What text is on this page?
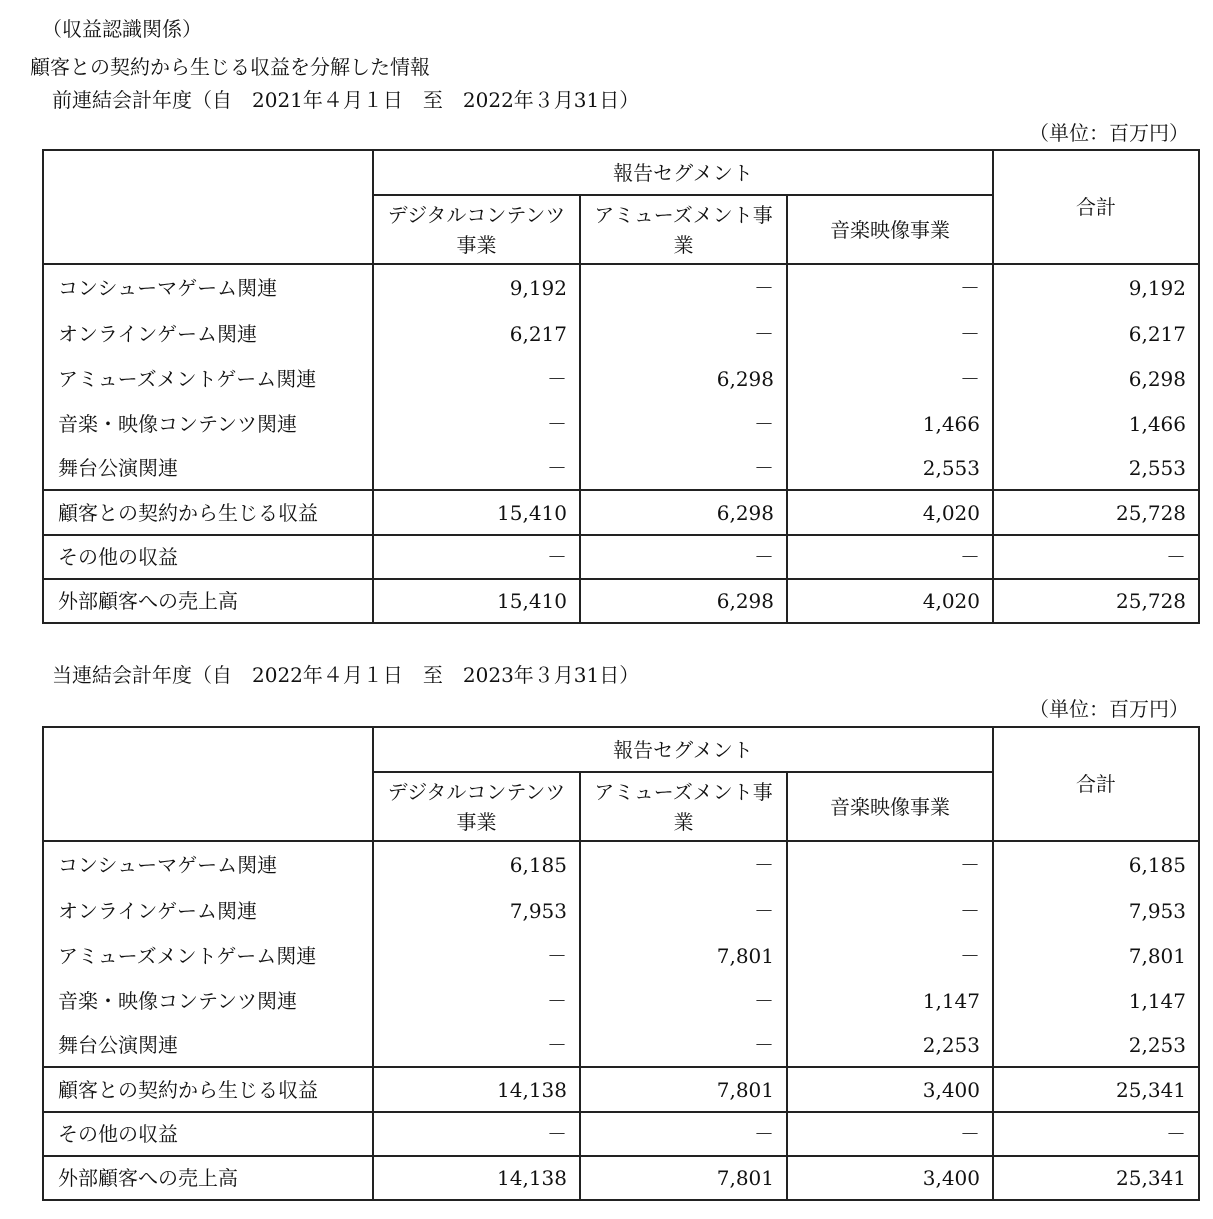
（収益認識関係）
顧客との契約から生じる収益を分解した情報
前連結会計年度（自　2021年４月１日　至　2022年３月31日）
（単位：百万円）
	報告セグメント			合計
	デジタルコンテンツ事業	アミューズメント事業	音楽映像事業	
コンシューマゲーム関連	9,192	－	－	9,192
オンラインゲーム関連	6,217	－	－	6,217
アミューズメントゲーム関連	－	6,298	－	6,298
音楽・映像コンテンツ関連	－	－	1,466	1,466
舞台公演関連	－	－	2,553	2,553
顧客との契約から生じる収益	15,410	6,298	4,020	25,728
その他の収益	－	－	－	－
外部顧客への売上高	15,410	6,298	4,020	25,728
当連結会計年度（自　2022年４月１日　至　2023年３月31日）
（単位：百万円）
	報告セグメント			合計
	デジタルコンテンツ事業	アミューズメント事業	音楽映像事業	
コンシューマゲーム関連	6,185	－	－	6,185
オンラインゲーム関連	7,953	－	－	7,953
アミューズメントゲーム関連	－	7,801	－	7,801
音楽・映像コンテンツ関連	－	－	1,147	1,147
舞台公演関連	－	－	2,253	2,253
顧客との契約から生じる収益	14,138	7,801	3,400	25,341
その他の収益	－	－	－	－
外部顧客への売上高	14,138	7,801	3,400	25,341
